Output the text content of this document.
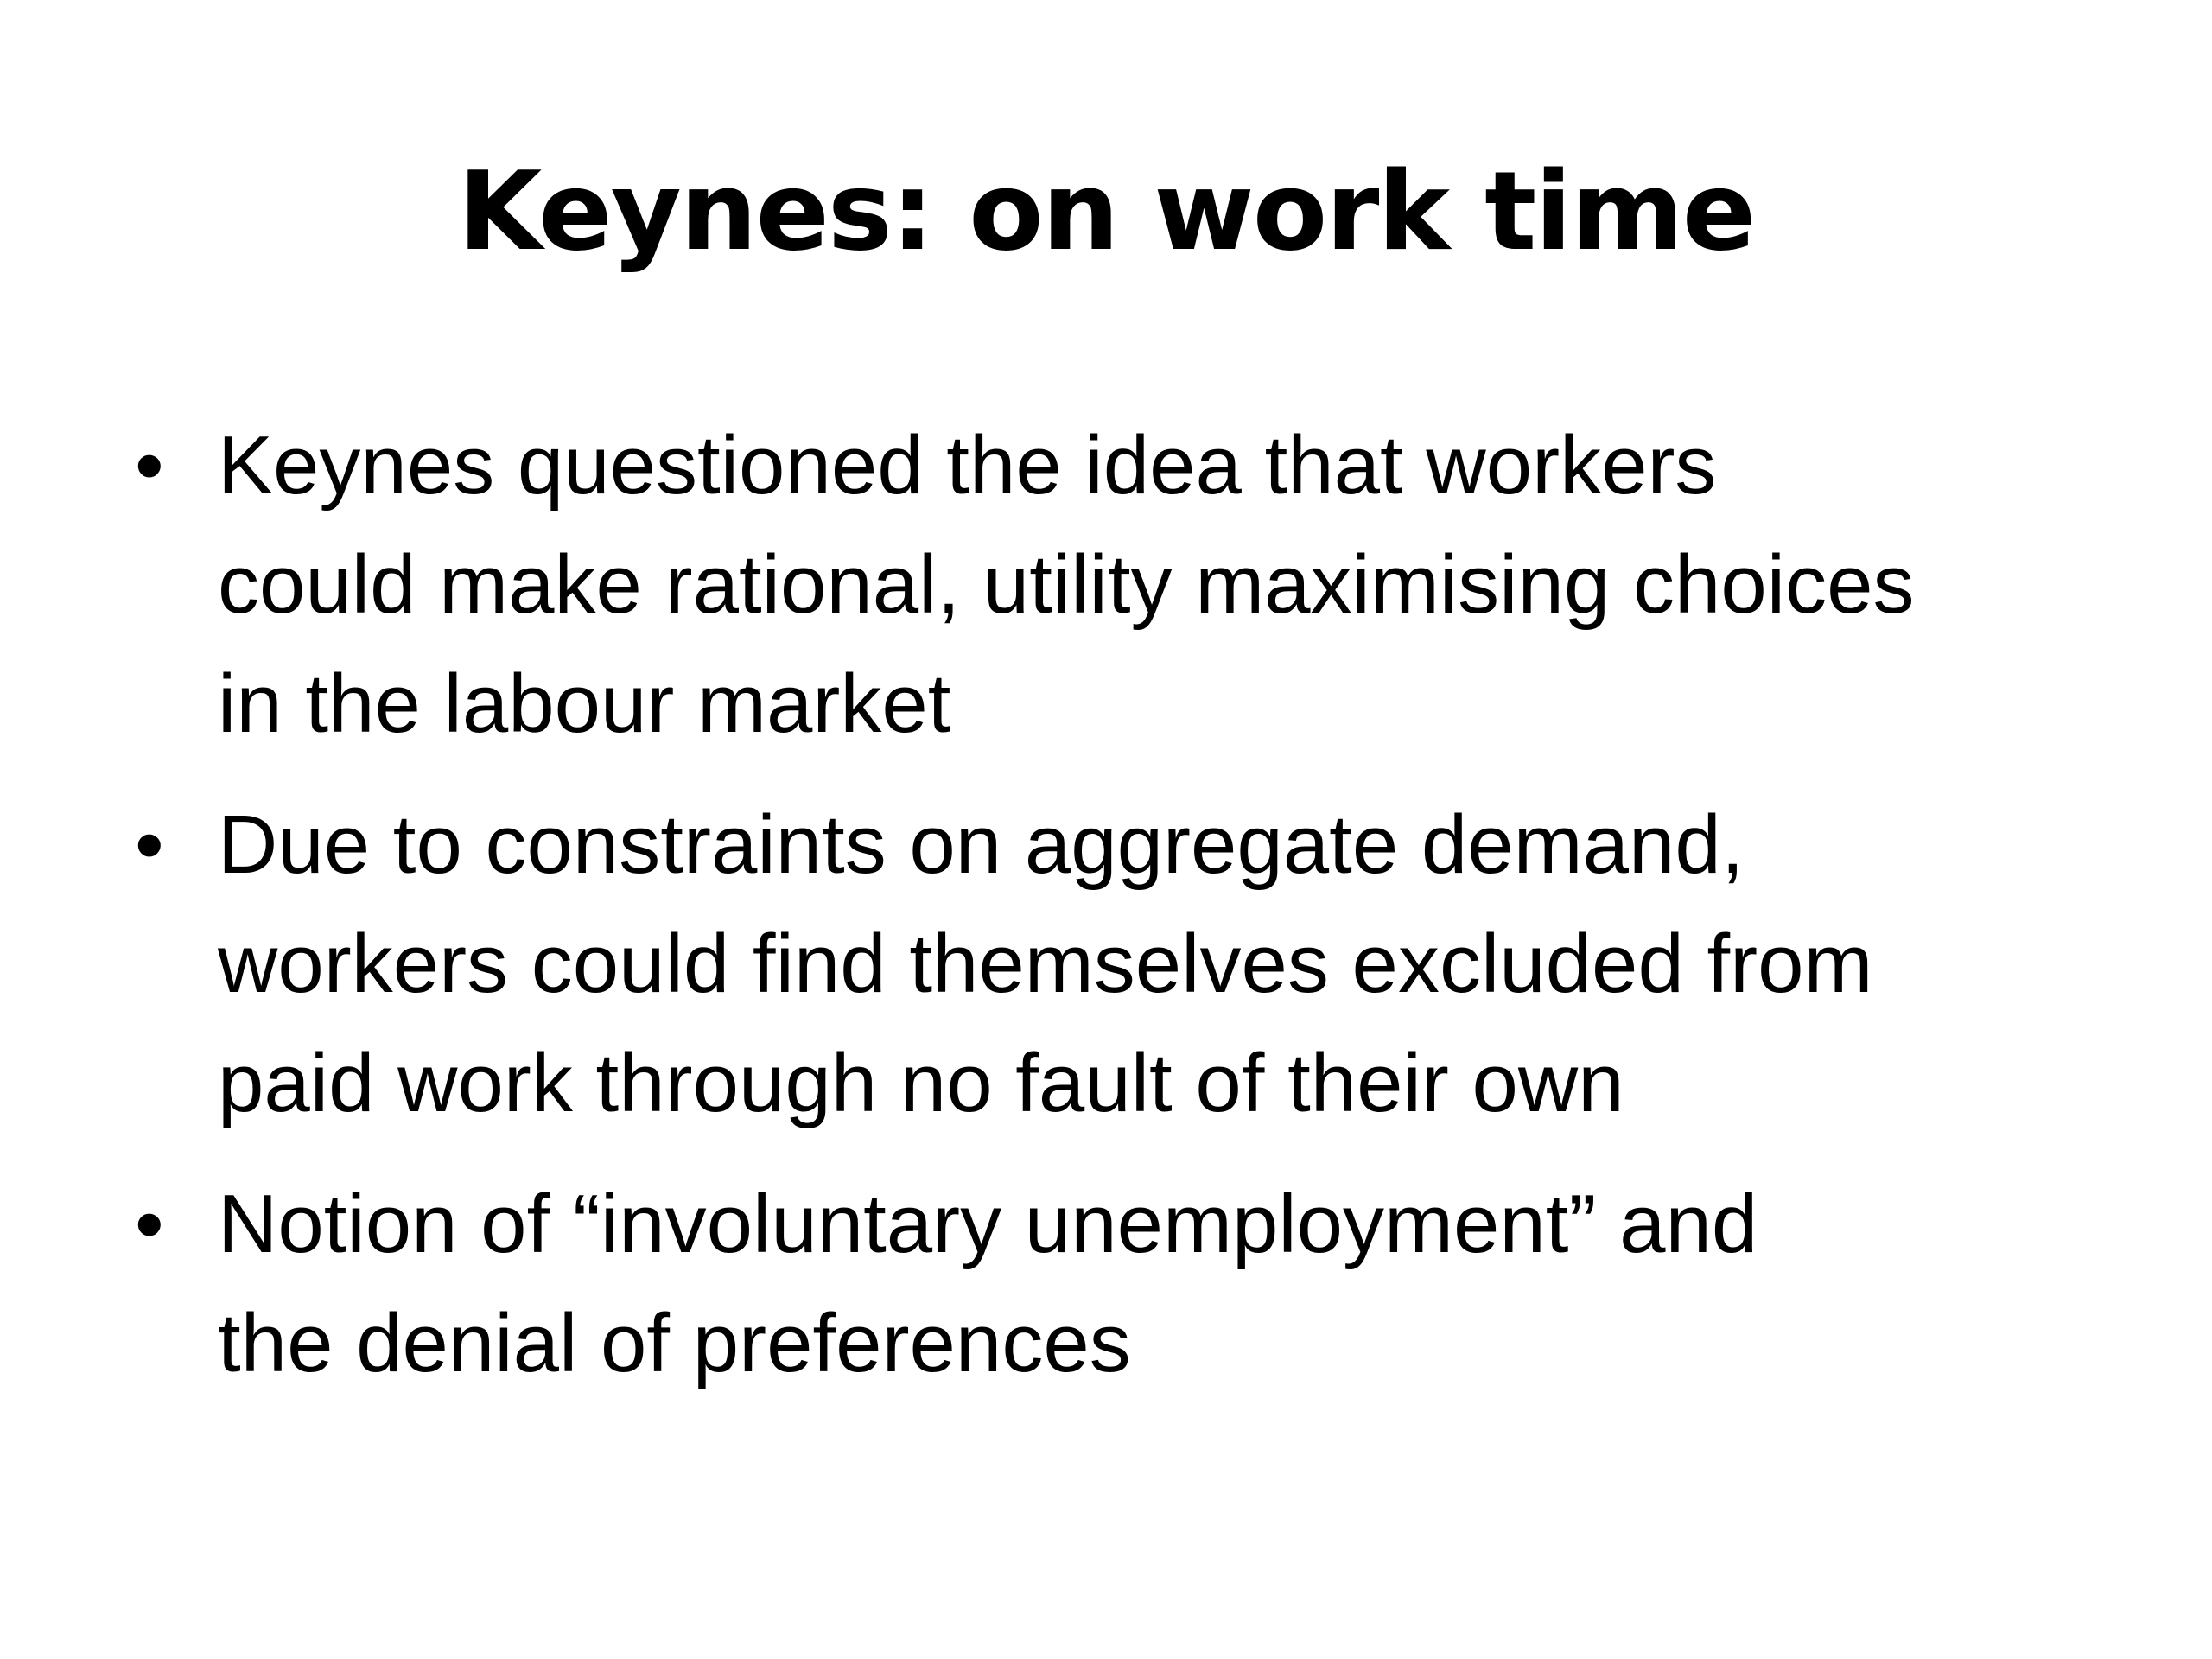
Keynes: on work time
• Keynes questioned the idea that workers
could make rational, utility maximising choices
in the labour market
• Due to constraints on aggregate demand,
workers could find themselves excluded from
paid work through no fault of their own
• Notion of “involuntary unemployment” and
the denial of preferences
